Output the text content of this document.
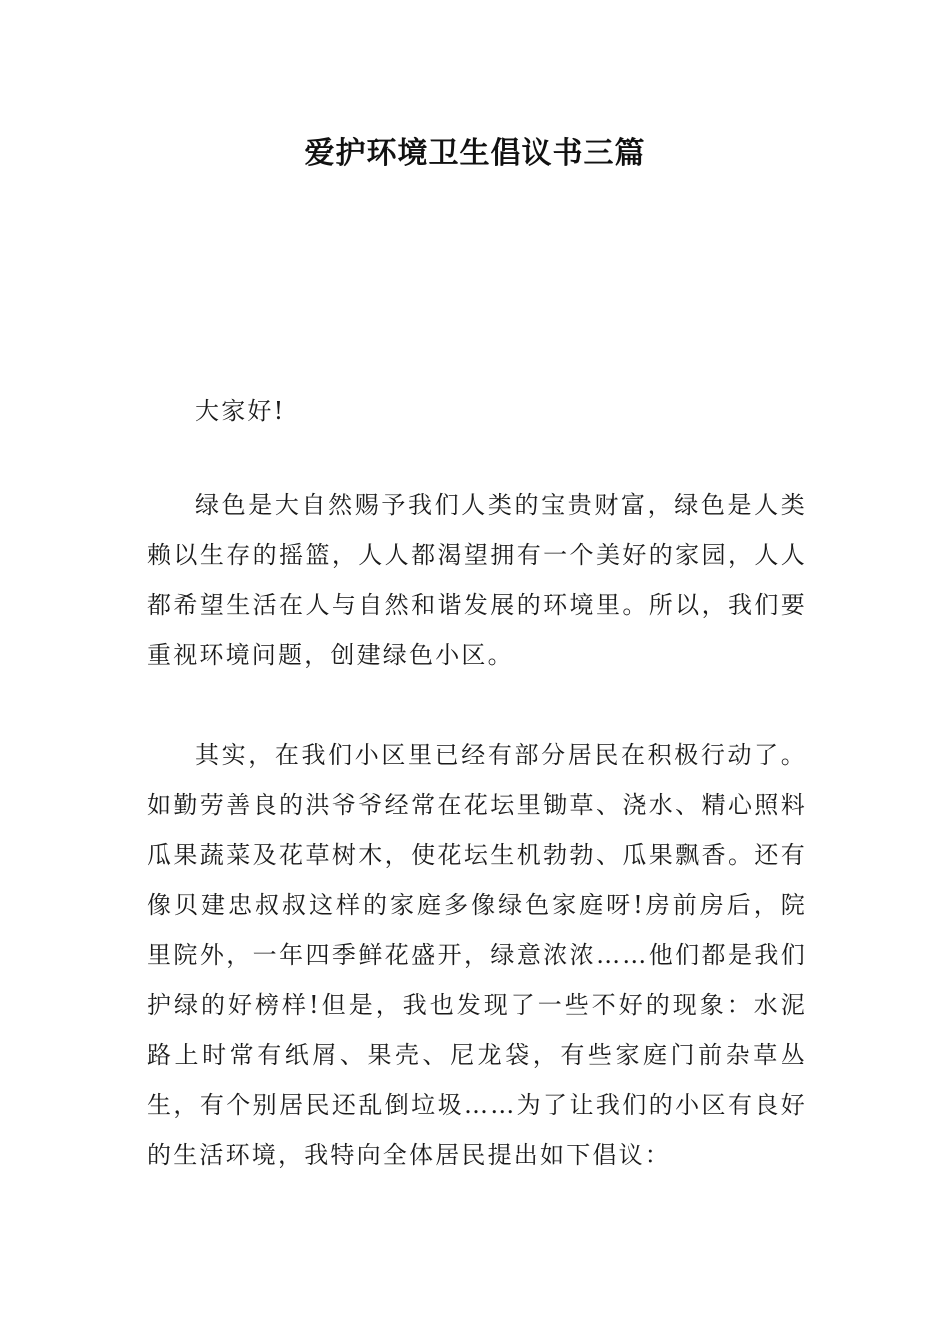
爱护环境卫生倡议书三篇

大家好!

绿色是大自然赐予我们人类的宝贵财富，绿色是人类赖以生存的摇篮，人人都渴望拥有一个美好的家园，人人都希望生活在人与自然和谐发展的环境里。所以，我们要重视环境问题，创建绿色小区。

其实，在我们小区里已经有部分居民在积极行动了。如勤劳善良的洪爷爷经常在花坛里锄草、浇水、精心照料瓜果蔬菜及花草树木，使花坛生机勃勃、瓜果飘香。还有像贝建忠叔叔这样的家庭多像绿色家庭呀!房前房后，院里院外，一年四季鲜花盛开，绿意浓浓……他们都是我们护绿的好榜样!但是，我也发现了一些不好的现象：水泥路上时常有纸屑、果壳、尼龙袋，有些家庭门前杂草丛生，有个别居民还乱倒垃圾……为了让我们的小区有良好的生活环境，我特向全体居民提出如下倡议：
